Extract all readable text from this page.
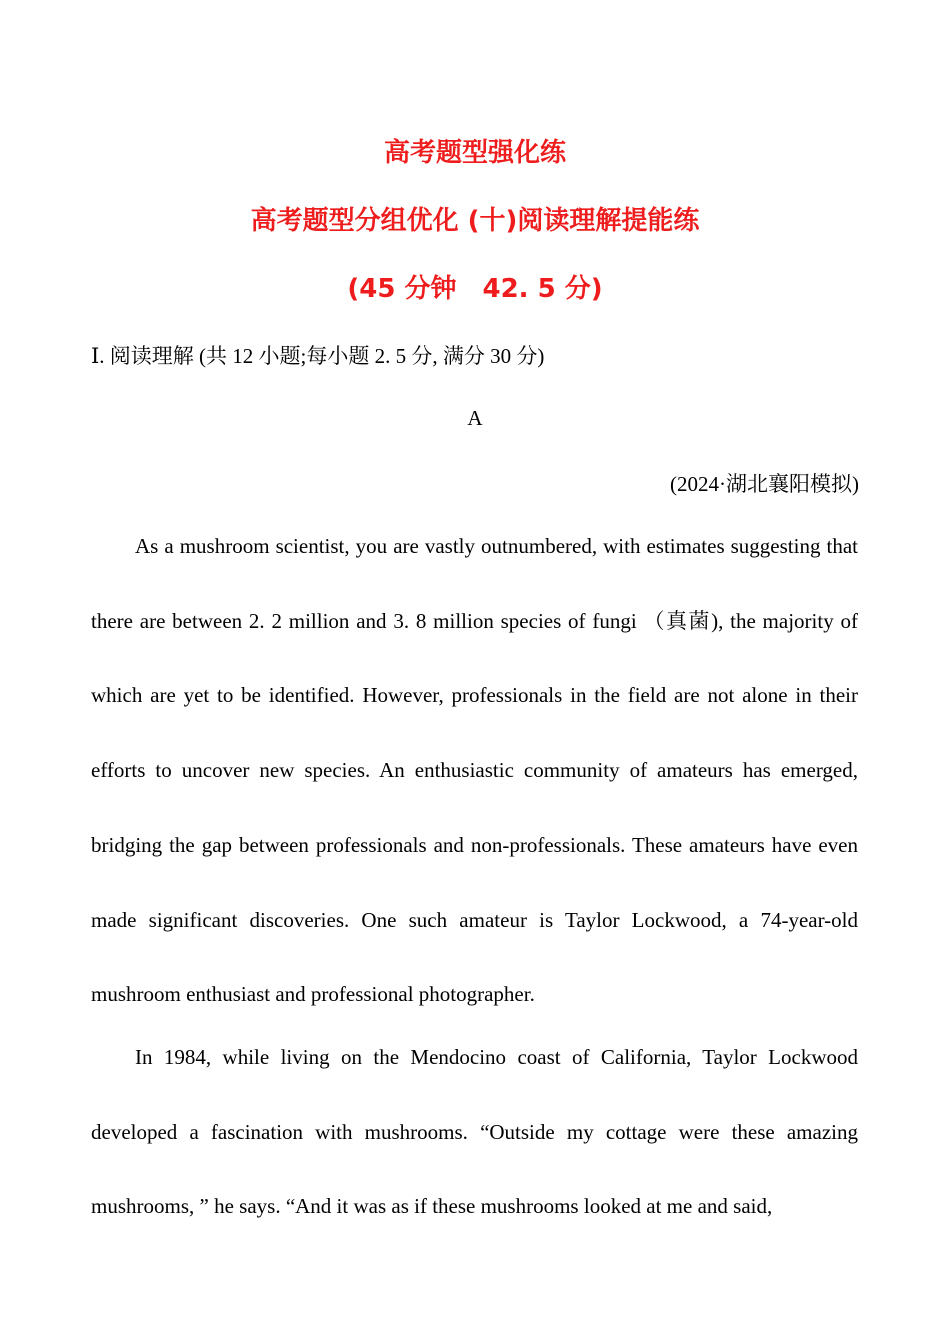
高考题型强化练
高考题型分组优化 (十)阅读理解提能练
(45 分钟　42. 5 分)
Ⅰ. 阅读理解 (共 12 小题;每小题 2. 5 分, 满分 30 分)
A
(2024·湖北襄阳模拟)

As a mushroom scientist, you are vastly outnumbered, with estimates suggesting that there are between 2. 2 million and 3. 8 million species of fungi （真菌), the majority of which are yet to be identified. However, professionals in the field are not alone in their efforts to uncover new species. An enthusiastic community of amateurs has emerged, bridging the gap between professionals and non-professionals. These amateurs have even made significant discoveries. One such amateur is Taylor Lockwood, a 74-year-old mushroom enthusiast and professional photographer.

In 1984, while living on the Mendocino coast of California, Taylor Lockwood developed a fascination with mushrooms. “Outside my cottage were these amazing mushrooms, ” he says. “And it was as if these mushrooms looked at me and said,
